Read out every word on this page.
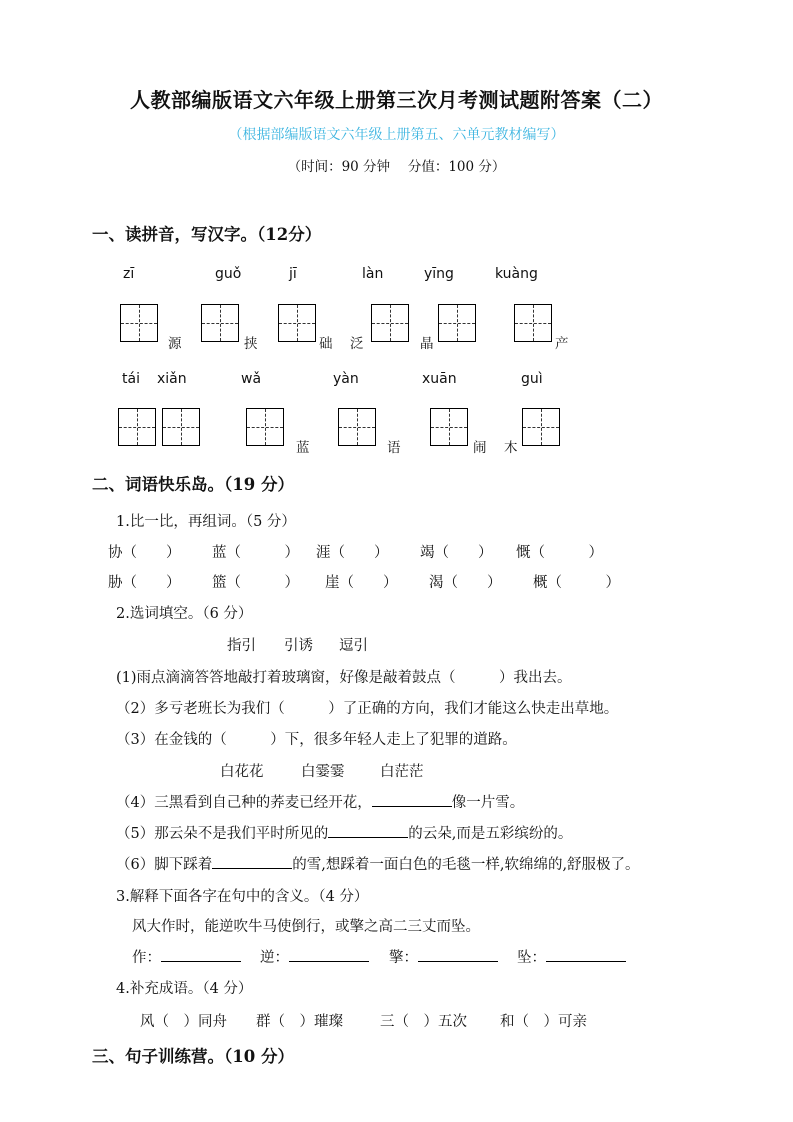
人教部编版语文六年级上册第三次月考测试题附答案（二）
（根据部编版语文六年级上册第五、六单元教材编写）
（时间：90 分钟　 分值：100 分）
一、读拼音，写汉字。（12分）
zī	guǒ	jī	làn	yīng	kuàng
源	挟	础 泛	晶	产
tái xiǎn	wǎ	yàn	xuān	guì
蓝	语	闹 木
二、词语快乐岛。（19 分）
1.比一比，再组词。（5 分）
协（　　） 蓝（　　　） 涯（　　） 竭（　　） 慨（　　　）
胁（　　） 篮（　　　） 崖（　　） 渴（　　） 概（　　　）
2.选词填空。（6 分）
指引 引诱 逗引
(1)雨点滴滴答答地敲打着玻璃窗，好像是敲着鼓点（　　　）我出去。
（2）多亏老班长为我们（　　　）了正确的方向，我们才能这么快走出草地。
（3）在金钱的（　　　）下，很多年轻人走上了犯罪的道路。
白花花	白霎霎 白茫茫
（4）三黑看到自己种的荞麦已经开花，	像一片雪。
（5）那云朵不是我们平时所见的	的云朵,而是五彩缤纷的。
（6）脚下踩着	的雪,想踩着一面白色的毛毯一样,软绵绵的,舒服极了。
3.解释下面各字在句中的含义。（4 分）
风大作时，能逆吹牛马使倒行，或擎之高二三丈而坠。
作：	逆：	擎：	坠：
4.补充成语。（4 分）
风（　）同舟 群（　）璀璨	三（　）五次 和（　）可亲
三、句子训练营。（10 分）
